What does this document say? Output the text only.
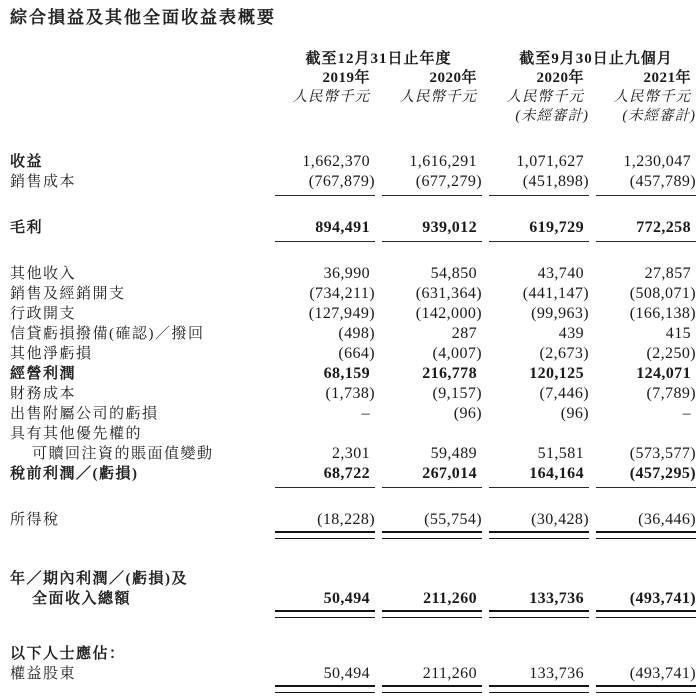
綜合損益及其他全面收益表概要
截至12月31日止年度	截至9月30日止九個月
2019年	2020年	2020年	2021年
人民幣千元	人民幣千元	人民幣千元	人民幣千元
(未經審計)	(未經審計)
收益	1,662,370	1,616,291	1,071,627	1,230,047
銷售成本	(767,879)	(677,279)	(451,898)	(457,789)
毛利	894,491	939,012	619,729	772,258
其他收入	36,990	54,850	43,740	27,857
銷售及經銷開支	(734,211)	(631,364)	(441,147)	(508,071)
行政開支	(127,949)	(142,000)	(99,963)	(166,138)
信貸虧損撥備(確認)／撥回	(498)	287	439	415
其他淨虧損	(664)	(4,007)	(2,673)	(2,250)
經營利潤	68,159	216,778	120,125	124,071
財務成本	(1,738)	(9,157)	(7,446)	(7,789)
出售附屬公司的虧損	–	(96)	(96)	–
具有其他優先權的
可贖回注資的賬面值變動	2,301	59,489	51,581	(573,577)
稅前利潤／(虧損)	68,722	267,014	164,164	(457,295)
所得稅	(18,228)	(55,754)	(30,428)	(36,446)
年／期內利潤／(虧損)及
全面收入總額	50,494	211,260	133,736	(493,741)
以下人士應佔：
權益股東	50,494	211,260	133,736	(493,741)
